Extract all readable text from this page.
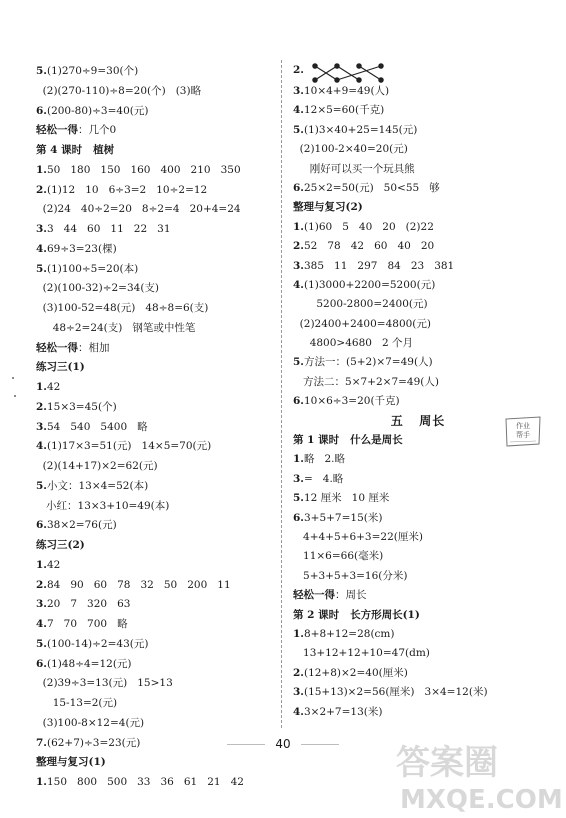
5.(1)270÷9=30(个)
(2)(270-110)÷8=20(个)   (3)略
6.(200-80)÷3=40(元)
轻松一得：几个0
第 4 课时   植树
1.50   180   150   160   400   210   350
2.(1)12   10   6÷3=2   10÷2=12
(2)24   40÷2=20   8÷2=4   20+4=24
3.3   44   60   11   22   31
4.69÷3=23(棵)
5.(1)100÷5=20(本)
(2)(100-32)÷2=34(支)
(3)100-52=48(元)   48÷8=6(支)
48÷2=24(支)   钢笔或中性笔
轻松一得：相加
练习三(1)
1.42
2.15×3=45(个)
3.54   540   5400   略
4.(1)17×3=51(元)   14×5=70(元)
(2)(14+17)×2=62(元)
5.小文：13×4=52(本)
小红：13×3+10=49(本)
6.38×2=76(元)
练习三(2)
1.42
2.84   90   60   78   32   50   200   11
3.20   7   320   63
4.7   70   700   略
5.(100-14)÷2=43(元)
6.(1)48÷4=12(元)
(2)39÷3=13(元)   15>13
15-13=2(元)
(3)100-8×12=4(元)
7.(62+7)÷3=23(元)
整理与复习(1)
1.150   800   500   33   36   61   21   42
2.
3.10×4+9=49(人)
4.12×5=60(千克)
5.(1)3×40+25=145(元)
(2)100-2×40=20(元)
刚好可以买一个玩具熊
6.25×2=50(元)   50<55   够
整理与复习(2)
1.(1)60   5   40   20   (2)22
2.52   78   42   60   40   20
3.385   11   297   84   23   381
4.(1)3000+2200=5200(元)
5200-2800=2400(元)
(2)2400+2400=4800(元)
4800>4680   2 个月
5.方法一：(5+2)×7=49(人)
方法二：5×7+2×7=49(人)
6.10×6÷3=20(千克)
五   周长
第 1 课时   什么是周长
1.略   2.略
3.=   4.略
5.12 厘米   10 厘米
6.3+5+7=15(米)
4+4+5+6+3=22(厘米)
11×6=66(毫米)
5+3+5+3=16(分米)
轻松一得：周长
第 2 课时   长方形周长(1)
1.8+8+12=28(cm)
13+12+12+10=47(dm)
2.(12+8)×2=40(厘米)
3.(15+13)×2=56(厘米)   3×4=12(米)
4.3×2+7=13(米)
作业
帮手
40	答案圈
MXQE.COM
